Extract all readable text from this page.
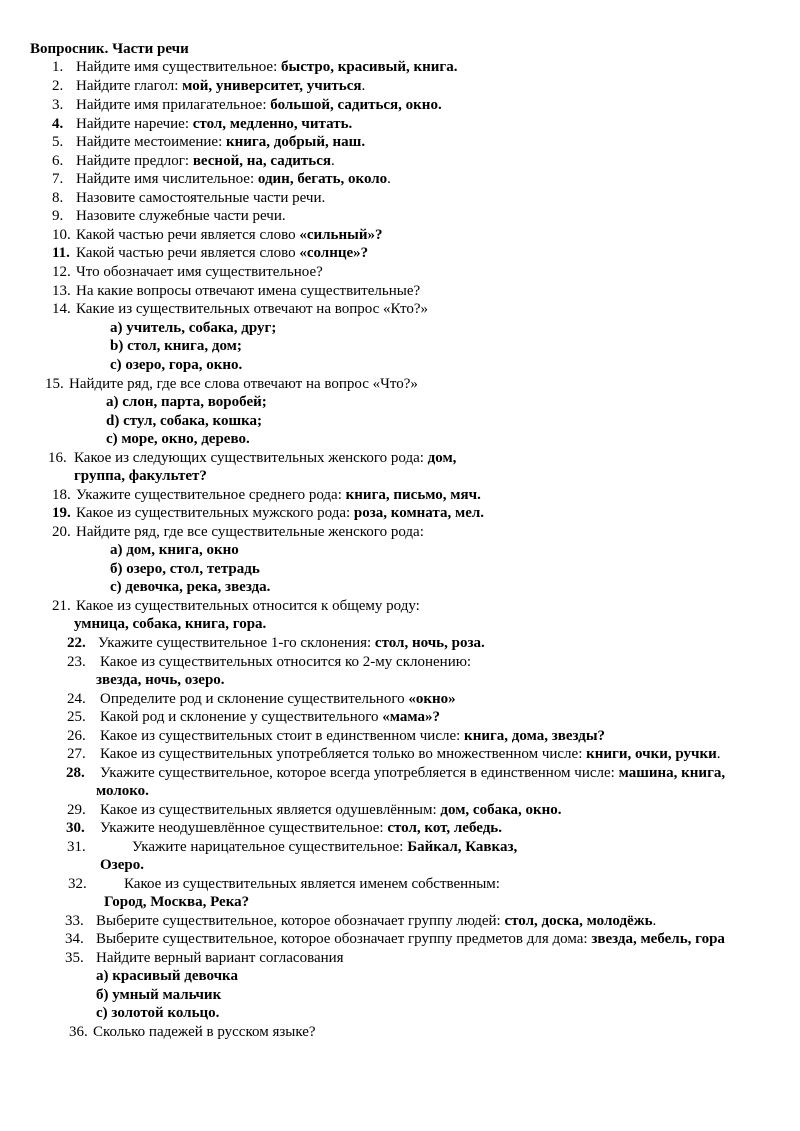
Вопросник. Части речи
1. Найдите имя существительное: быстро, красивый, книга.
2. Найдите глагол: мой, университет, учиться.
3. Найдите имя прилагательное: большой, садиться, окно.
4. Найдите наречие: стол, медленно, читать.
5. Найдите местоимение: книга, добрый, наш.
6. Найдите предлог: весной, на, садиться.
7. Найдите имя числительное: один, бегать, около.
8. Назовите самостоятельные части речи.
9. Назовите служебные части речи.
10. Какой частью речи является слово «сильный»?
11. Какой частью речи является слово «солнце»?
12. Что обозначает имя существительное?
13. На какие вопросы отвечают имена существительные?
14. Какие из существительных отвечают на вопрос «Кто?»
а) учитель, собака, друг;
b) стол, книга, дом;
с) озеро, гора, окно.
15. Найдите ряд, где все слова отвечают на вопрос «Что?»
а) слон, парта, воробей;
d) стул, собака, кошка;
с) море, окно, дерево.
16. Какое из следующих существительных женского рода: дом,
группа, факультет?
18. Укажите существительное среднего рода: книга, письмо, мяч.
19. Какое из существительных мужского рода: роза, комната, мел.
20. Найдите ряд, где все существительные женского рода:
а) дом, книга, окно
б) озеро, стол, тетрадь
с) девочка, река, звезда.
21. Какое из существительных относится к общему роду:
умница, собака, книга, гора.
22. Укажите существительное 1-го склонения: стол, ночь, роза.
23. Какое из существительных относится ко 2-му склонению:
звезда, ночь, озеро.
24. Определите род и склонение существительного «окно»
25. Какой род и склонение у существительного «мама»?
26. Какое из существительных стоит в единственном числе: книга, дома, звезды?
27. Какое из существительных употребляется только во множественном числе: книги, очки, ручки.
28. Укажите существительное, которое всегда употребляется в единственном числе: машина, книга,
молоко.
29. Какое из существительных является одушевлённым: дом, собака, окно.
30. Укажите неодушевлённое существительное: стол, кот, лебедь.
31.	Укажите нарицательное существительное: Байкал, Кавказ,
Озеро.
32. Какое из существительных является именем собственным:
Город, Москва, Река?
33. Выберите существительное, которое обозначает группу людей: стол, доска, молодёжь.
34. Выберите существительное, которое обозначает группу предметов для дома: звезда, мебель, гора
35. Найдите верный вариант согласования
а) красивый девочка
б) умный мальчик
с) золотой кольцо.
36. Сколько падежей в русском языке?
